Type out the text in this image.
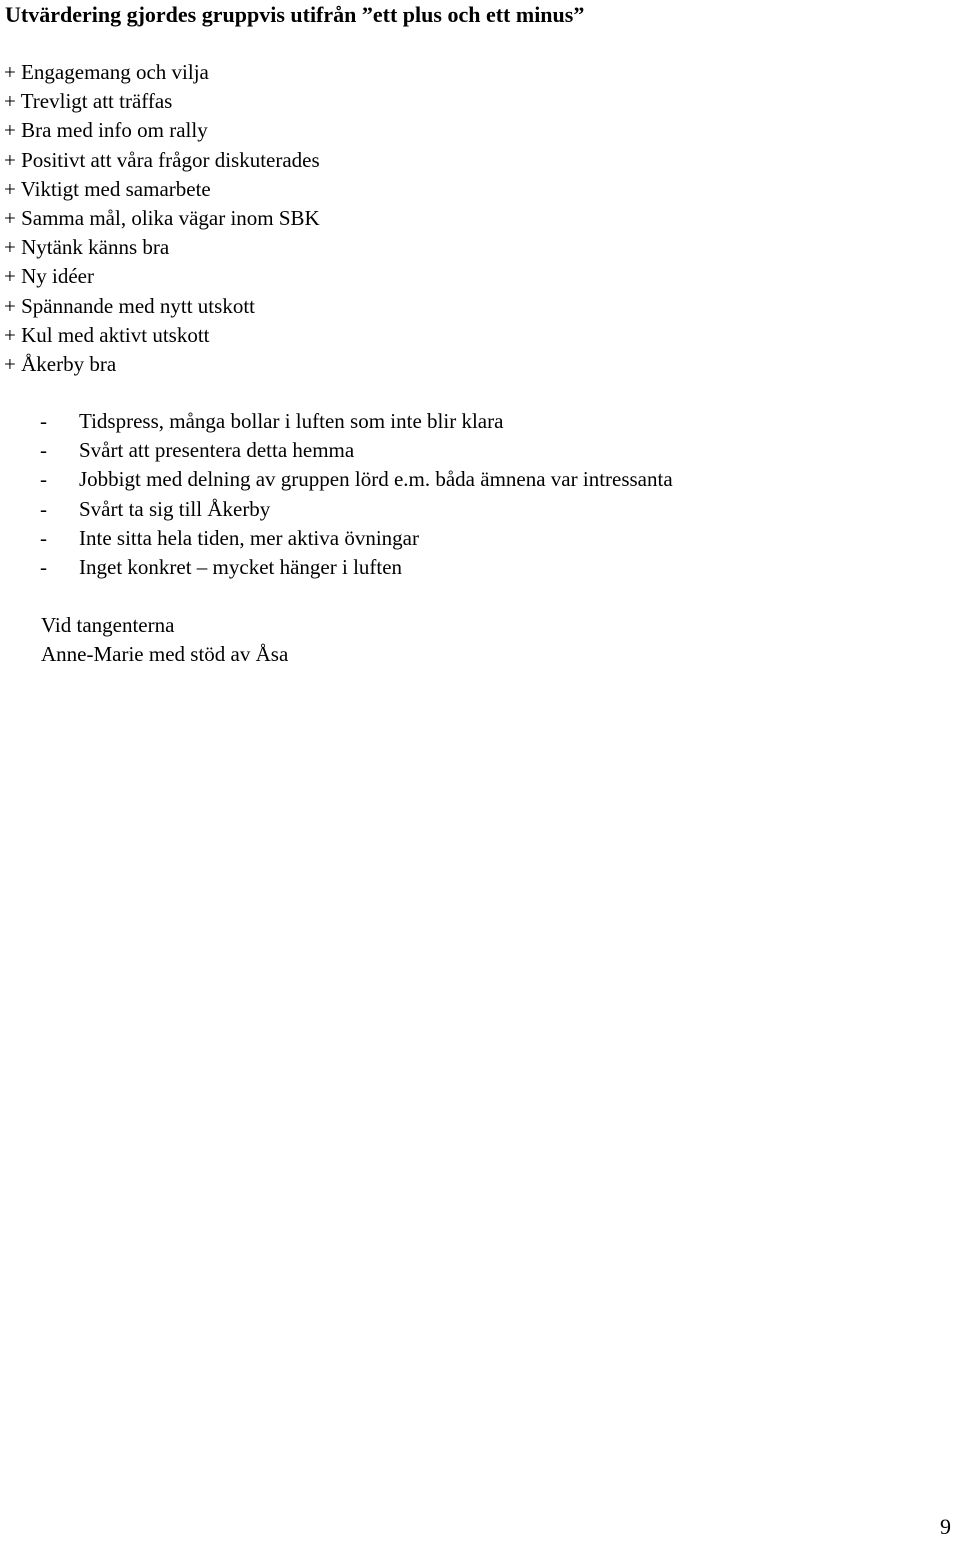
Utvärdering gjordes gruppvis utifrån ”ett plus och ett minus”
+ Engagemang och vilja
+ Trevligt att träffas
+ Bra med info om rally
+ Positivt att våra frågor diskuterades
+ Viktigt med samarbete
+ Samma mål, olika vägar inom SBK
+ Nytänk känns bra
+ Ny idéer
+ Spännande med nytt utskott
+ Kul med aktivt utskott
+ Åkerby bra
- Tidspress, många bollar i luften som inte blir klara
- Svårt att presentera detta hemma
- Jobbigt med delning av gruppen lörd e.m. båda ämnena var intressanta
- Svårt ta sig till Åkerby
- Inte sitta hela tiden, mer aktiva övningar
- Inget konkret – mycket hänger i luften
Vid tangenterna
Anne-Marie med stöd av Åsa
9
